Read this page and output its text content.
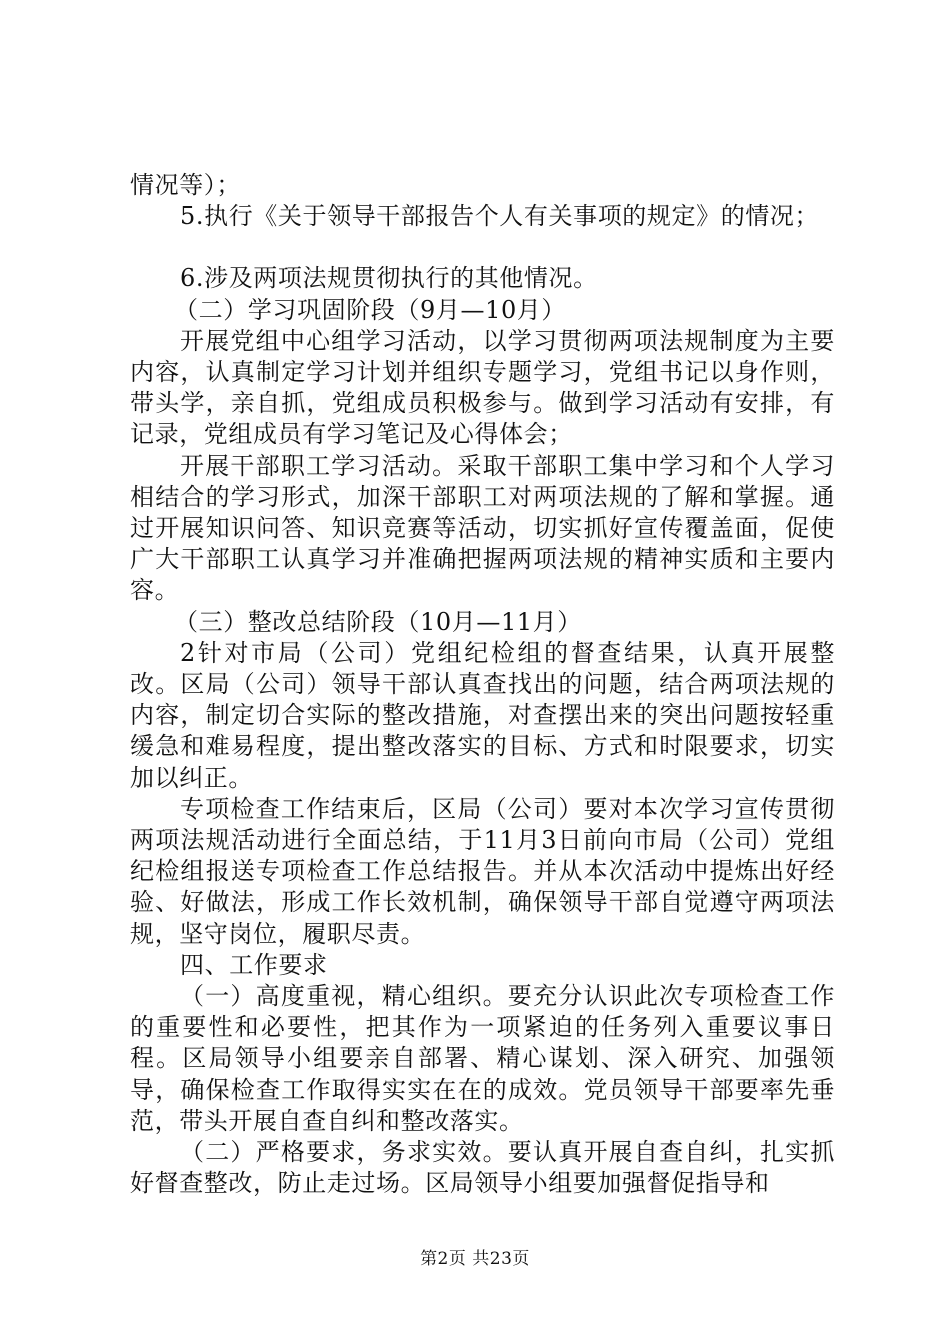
情况等）；

5.执行《关于领导干部报告个人有关事项的规定》的情况；

6.涉及两项法规贯彻执行的其他情况。

（二）学习巩固阶段（9月—10月）

开展党组中心组学习活动，以学习贯彻两项法规制度为主要内容，认真制定学习计划并组织专题学习，党组书记以身作则，带头学，亲自抓，党组成员积极参与。做到学习活动有安排，有记录，党组成员有学习笔记及心得体会；

开展干部职工学习活动。采取干部职工集中学习和个人学习相结合的学习形式，加深干部职工对两项法规的了解和掌握。通过开展知识问答、知识竞赛等活动，切实抓好宣传覆盖面，促使广大干部职工认真学习并准确把握两项法规的精神实质和主要内容。

（三）整改总结阶段（10月—11月）

2针对市局（公司）党组纪检组的督查结果，认真开展整改。区局（公司）领导干部认真查找出的问题，结合两项法规的内容，制定切合实际的整改措施，对查摆出来的突出问题按轻重缓急和难易程度，提出整改落实的目标、方式和时限要求，切实加以纠正。

专项检查工作结束后，区局（公司）要对本次学习宣传贯彻两项法规活动进行全面总结，于11月3日前向市局（公司）党组纪检组报送专项检查工作总结报告。并从本次活动中提炼出好经验、好做法，形成工作长效机制，确保领导干部自觉遵守两项法规，坚守岗位，履职尽责。

四、工作要求

（一）高度重视，精心组织。要充分认识此次专项检查工作的重要性和必要性，把其作为一项紧迫的任务列入重要议事日程。区局领导小组要亲自部署、精心谋划、深入研究、加强领导，确保检查工作取得实实在在的成效。党员领导干部要率先垂范，带头开展自查自纠和整改落实。

（二）严格要求，务求实效。要认真开展自查自纠，扎实抓好督查整改，防止走过场。区局领导小组要加强督促指导和

第2页 共23页
